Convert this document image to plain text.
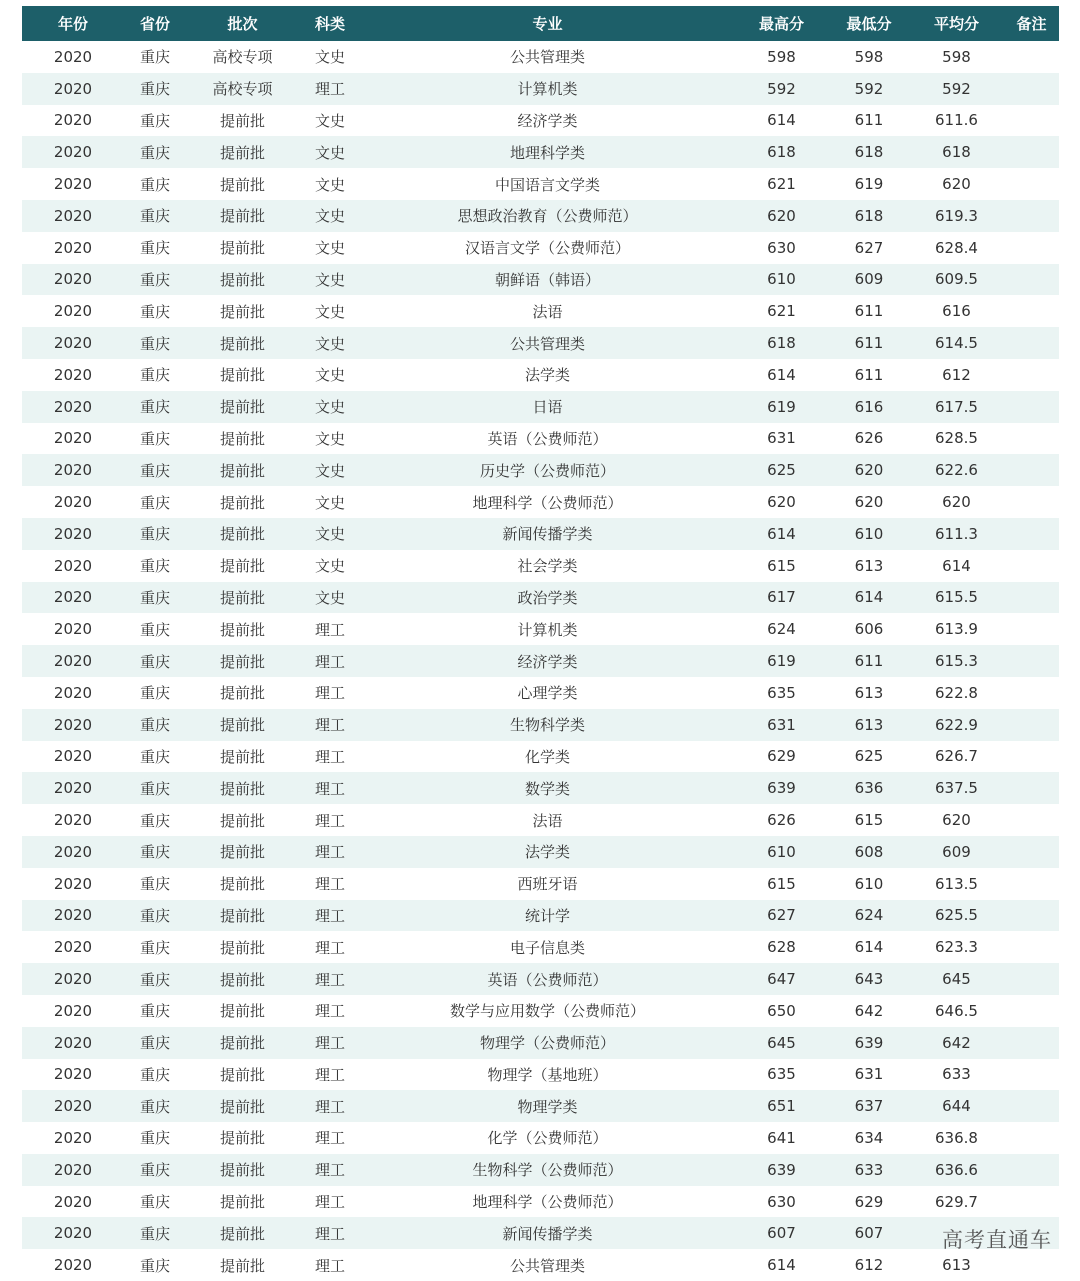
年份	省份	批次	科类	专业	最高分	最低分	平均分	备注
2020	重庆	高校专项	文史	公共管理类	598	598	598	
2020	重庆	高校专项	理工	计算机类	592	592	592	
2020	重庆	提前批	文史	经济学类	614	611	611.6	
2020	重庆	提前批	文史	地理科学类	618	618	618	
2020	重庆	提前批	文史	中国语言文学类	621	619	620	
2020	重庆	提前批	文史	思想政治教育（公费师范）	620	618	619.3	
2020	重庆	提前批	文史	汉语言文学（公费师范）	630	627	628.4	
2020	重庆	提前批	文史	朝鲜语（韩语）	610	609	609.5	
2020	重庆	提前批	文史	法语	621	611	616	
2020	重庆	提前批	文史	公共管理类	618	611	614.5	
2020	重庆	提前批	文史	法学类	614	611	612	
2020	重庆	提前批	文史	日语	619	616	617.5	
2020	重庆	提前批	文史	英语（公费师范）	631	626	628.5	
2020	重庆	提前批	文史	历史学（公费师范）	625	620	622.6	
2020	重庆	提前批	文史	地理科学（公费师范）	620	620	620	
2020	重庆	提前批	文史	新闻传播学类	614	610	611.3	
2020	重庆	提前批	文史	社会学类	615	613	614	
2020	重庆	提前批	文史	政治学类	617	614	615.5	
2020	重庆	提前批	理工	计算机类	624	606	613.9	
2020	重庆	提前批	理工	经济学类	619	611	615.3	
2020	重庆	提前批	理工	心理学类	635	613	622.8	
2020	重庆	提前批	理工	生物科学类	631	613	622.9	
2020	重庆	提前批	理工	化学类	629	625	626.7	
2020	重庆	提前批	理工	数学类	639	636	637.5	
2020	重庆	提前批	理工	法语	626	615	620	
2020	重庆	提前批	理工	法学类	610	608	609	
2020	重庆	提前批	理工	西班牙语	615	610	613.5	
2020	重庆	提前批	理工	统计学	627	624	625.5	
2020	重庆	提前批	理工	电子信息类	628	614	623.3	
2020	重庆	提前批	理工	英语（公费师范）	647	643	645	
2020	重庆	提前批	理工	数学与应用数学（公费师范）	650	642	646.5	
2020	重庆	提前批	理工	物理学（公费师范）	645	639	642	
2020	重庆	提前批	理工	物理学（基地班）	635	631	633	
2020	重庆	提前批	理工	物理学类	651	637	644	
2020	重庆	提前批	理工	化学（公费师范）	641	634	636.8	
2020	重庆	提前批	理工	生物科学（公费师范）	639	633	636.6	
2020	重庆	提前批	理工	地理科学（公费师范）	630	629	629.7	
2020	重庆	提前批	理工	新闻传播学类	607	607		
2020	重庆	提前批	理工	公共管理类	614	612	613	
高考直通车
